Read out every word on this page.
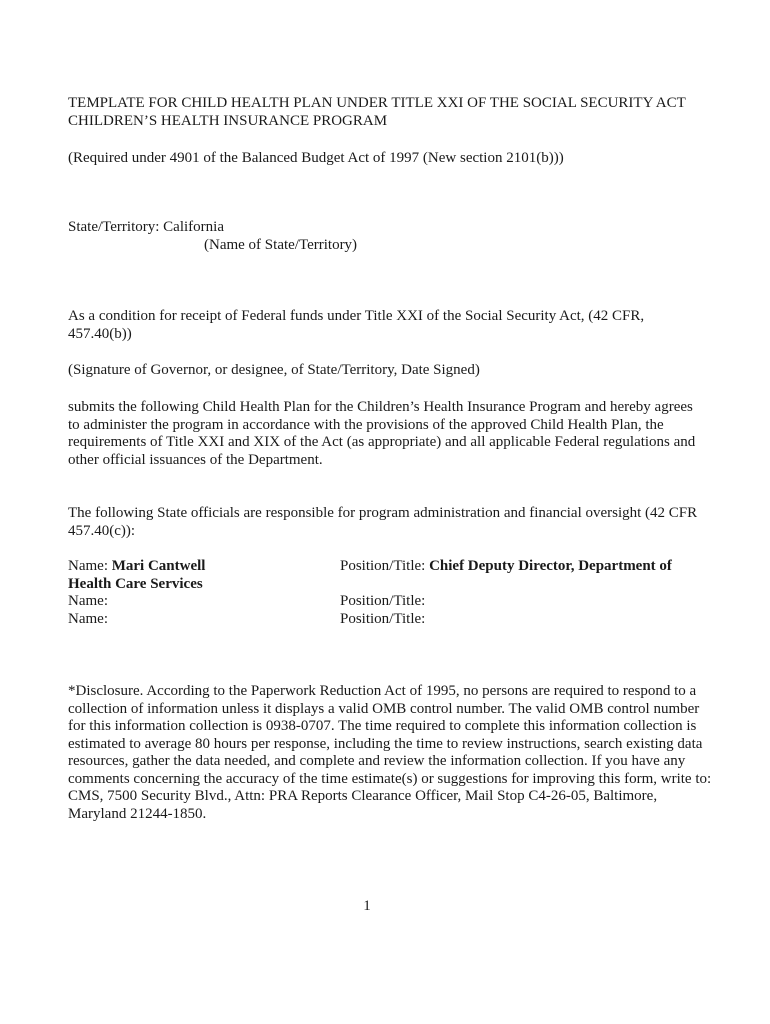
TEMPLATE FOR CHILD HEALTH PLAN UNDER TITLE XXI OF THE SOCIAL SECURITY ACT
CHILDREN’S HEALTH INSURANCE PROGRAM

(Required under 4901 of the Balanced Budget Act of 1997 (New section 2101(b)))

State/Territory: California
(Name of State/Territory)

As a condition for receipt of Federal funds under Title XXI of the Social Security Act, (42 CFR, 457.40(b))

(Signature of Governor, or designee, of State/Territory, Date Signed)

submits the following Child Health Plan for the Children’s Health Insurance Program and hereby agrees to administer the program in accordance with the provisions of the approved Child Health Plan, the requirements of Title XXI and XIX of the Act (as appropriate) and all applicable Federal regulations and other official issuances of the Department.

The following State officials are responsible for program administration and financial oversight (42 CFR 457.40(c)):

Name: Mari Cantwell	Position/Title: Chief Deputy Director, Department of
Health Care Services
Name:	Position/Title:
Name:	Position/Title:

*Disclosure. According to the Paperwork Reduction Act of 1995, no persons are required to respond to a collection of information unless it displays a valid OMB control number. The valid OMB control number for this information collection is 0938-0707. The time required to complete this information collection is estimated to average 80 hours per response, including the time to review instructions, search existing data resources, gather the data needed, and complete and review the information collection. If you have any comments concerning the accuracy of the time estimate(s) or suggestions for improving this form, write to: CMS, 7500 Security Blvd., Attn: PRA Reports Clearance Officer, Mail Stop C4-26-05, Baltimore, Maryland 21244-1850.

1
